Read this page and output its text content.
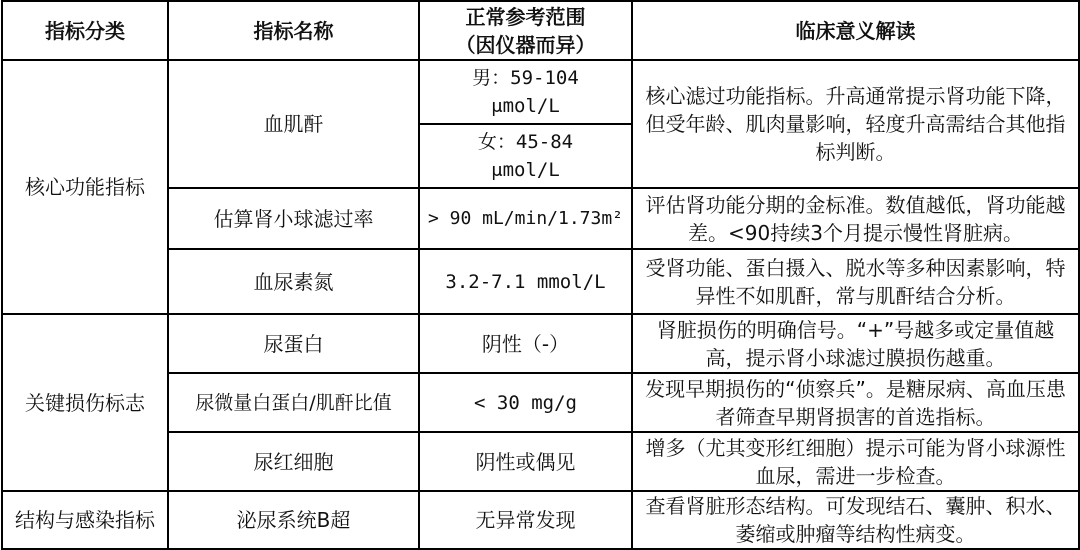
指标分类	指标名称	正常参考范围（因仪器而异）	临床意义解读
核心功能指标	血肌酐	男：59-104 μmol/L	核心滤过功能指标。升高通常提示肾功能下降，但受年龄、肌肉量影响，轻度升高需结合其他指标判断。
		女：45-84 μmol/L	
	估算肾小球滤过率	> 90 mL/min/1.73m²	评估肾功能分期的金标准。数值越低，肾功能越差。<90持续3个月提示慢性肾脏病。
	血尿素氮	3.2-7.1 mmol/L	受肾功能、蛋白摄入、脱水等多种因素影响，特异性不如肌酐，常与肌酐结合分析。
关键损伤标志	尿蛋白	阴性（-）	肾脏损伤的明确信号。“+”号越多或定量值越高，提示肾小球滤过膜损伤越重。
	尿微量白蛋白/肌酐比值	< 30 mg/g	发现早期损伤的“侦察兵”。是糖尿病、高血压患者筛查早期肾损害的首选指标。
	尿红细胞	阴性或偶见	增多（尤其变形红细胞）提示可能为肾小球源性血尿，需进一步检查。
结构与感染指标	泌尿系统B超	无异常发现	查看肾脏形态结构。可发现结石、囊肿、积水、萎缩或肿瘤等结构性病变。
